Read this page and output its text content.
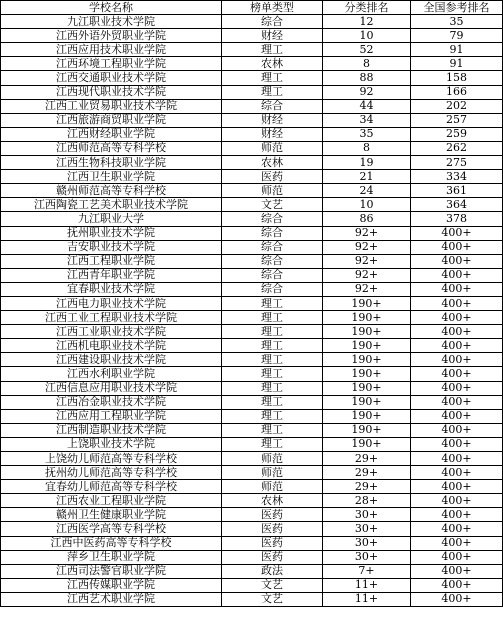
学校名称	榜单类型	分类排名	全国参考排名
九江职业技术学院	综合	12	35
江西外语外贸职业学院	财经	10	79
江西应用技术职业学院	理工	52	91
江西环境工程职业学院	农林	8	91
江西交通职业技术学院	理工	88	158
江西现代职业技术学院	理工	92	166
江西工业贸易职业技术学院	综合	44	202
江西旅游商贸职业学院	财经	34	257
江西财经职业学院	财经	35	259
江西师范高等专科学校	师范	8	262
江西生物科技职业学院	农林	19	275
江西卫生职业学院	医药	21	334
赣州师范高等专科学校	师范	24	361
江西陶瓷工艺美术职业技术学院	文艺	10	364
九江职业大学	综合	86	378
抚州职业技术学院	综合	92+	400+
吉安职业技术学院	综合	92+	400+
江西工程职业学院	综合	92+	400+
江西青年职业学院	综合	92+	400+
宜春职业技术学院	综合	92+	400+
江西电力职业技术学院	理工	190+	400+
江西工业工程职业技术学院	理工	190+	400+
江西工业职业技术学院	理工	190+	400+
江西机电职业技术学院	理工	190+	400+
江西建设职业技术学院	理工	190+	400+
江西水利职业学院	理工	190+	400+
江西信息应用职业技术学院	理工	190+	400+
江西冶金职业技术学院	理工	190+	400+
江西应用工程职业学院	理工	190+	400+
江西制造职业技术学院	理工	190+	400+
上饶职业技术学院	理工	190+	400+
上饶幼儿师范高等专科学校	师范	29+	400+
抚州幼儿师范高等专科学校	师范	29+	400+
宜春幼儿师范高等专科学校	师范	29+	400+
江西农业工程职业学院	农林	28+	400+
赣州卫生健康职业学院	医药	30+	400+
江西医学高等专科学校	医药	30+	400+
江西中医药高等专科学校	医药	30+	400+
萍乡卫生职业学院	医药	30+	400+
江西司法警官职业学院	政法	7+	400+
江西传媒职业学院	文艺	11+	400+
江西艺术职业学院	文艺	11+	400+
